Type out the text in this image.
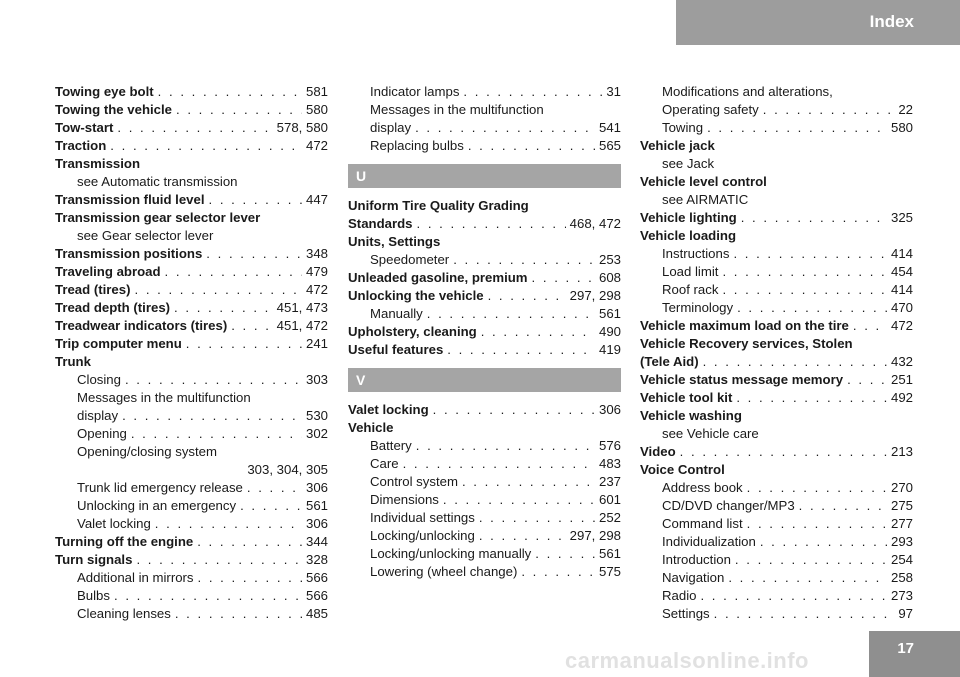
Index
Towing eye bolt . . .	581
Towing the vehicle . . .	580
Tow-start . . .	578, 580
Traction . . .	472
Transmission
see Automatic transmission
Transmission fluid level . . .	447
Transmission gear selector lever
see Gear selector lever
Transmission positions . . .	348
Traveling abroad . . .	479
Tread (tires) . . .	472
Tread depth (tires) . . .	451, 473
Treadwear indicators (tires) . . .	451, 472
Trip computer menu . . .	241
Trunk
Closing . . .	303
Messages in the multifunction
display . . .	530
Opening . . .	302
Opening/closing system
303, 304, 305
Trunk lid emergency release . . .	306
Unlocking in an emergency . . .	561
Valet locking . . .	306
Turning off the engine . . .	344
Turn signals . . .	328
Additional in mirrors . . .	566
Bulbs . . .	566
Cleaning lenses . . .	485
Indicator lamps . . .	31
Messages in the multifunction
display . . .	541
Replacing bulbs . . .	565
U
Uniform Tire Quality Grading
Standards . . .	468, 472
Units, Settings
Speedometer . . .	253
Unleaded gasoline, premium . . .	608
Unlocking the vehicle . . .	297, 298
Manually . . .	561
Upholstery, cleaning . . .	490
Useful features . . .	419
V
Valet locking . . .	306
Vehicle
Battery . . .	576
Care . . .	483
Control system . . .	237
Dimensions . . .	601
Individual settings . . .	252
Locking/unlocking . . .	297, 298
Locking/unlocking manually . . .	561
Lowering (wheel change) . . .	575
Modifications and alterations,
Operating safety . . .	22
Towing . . .	580
Vehicle jack
see Jack
Vehicle level control
see AIRMATIC
Vehicle lighting . . .	325
Vehicle loading
Instructions . . .	414
Load limit . . .	454
Roof rack . . .	414
Terminology . . .	470
Vehicle maximum load on the tire . . .	472
Vehicle Recovery services, Stolen
(Tele Aid) . . .	432
Vehicle status message memory . . .	251
Vehicle tool kit . . .	492
Vehicle washing
see Vehicle care
Video . . .	213
Voice Control
Address book . . .	270
CD/DVD changer/MP3 . . .	275
Command list . . .	277
Individualization . . .	293
Introduction . . .	254
Navigation . . .	258
Radio . . .	273
Settings . . .	97
17
carmanualsonline.info
